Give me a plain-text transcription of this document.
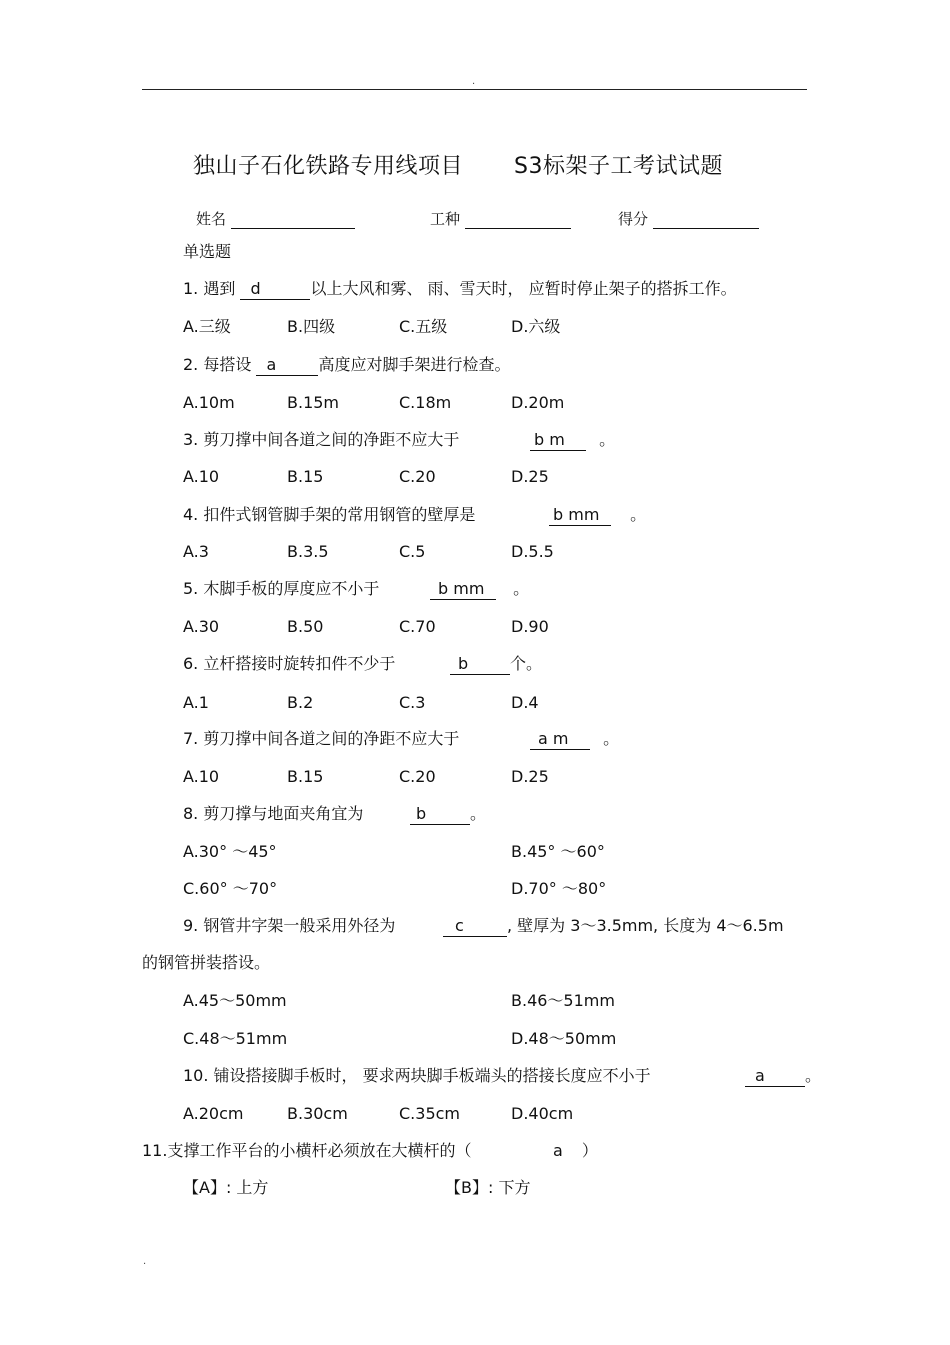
.
独山子石化铁路专用线项目 S3标架子工考试试题
姓名	工种	得分
单选题
1. 遇到 d	以上大风和雾、 雨、雪天时， 应暂时停止架子的搭拆工作。
A.三级	B.四级	C.五级	D.六级
2. 每搭设 a	高度应对脚手架进行检查。
A.10m	B.15m	C.18m	D.20m
3. 剪刀撑中间各道之间的净距不应大于	b m 。
A.10	B.15	C.20	D.25
4. 扣件式钢管脚手架的常用钢管的壁厚是	b mm 。
A.3	B.3.5	C.5	D.5.5
5. 木脚手板的厚度应不小于	b mm 。
A.30	B.50	C.70	D.90
6. 立杆搭接时旋转扣件不少于	b	个。
A.1	B.2	C.3	D.4
7. 剪刀撑中间各道之间的净距不应大于	a m 。
A.10	B.15	C.20	D.25
8. 剪刀撑与地面夹角宜为	b	。
A.30° ～45°	B.45° ～60°
C.60° ～70°	D.70° ～80°
9. 钢管井字架一般采用外径为	c	, 壁厚为 3～3.5mm, 长度为 4～6.5m
的钢管拼装搭设。
A.45～50mm	B.46～51mm
C.48～51mm	D.48～50mm
10. 铺设搭接脚手板时， 要求两块脚手板端头的搭接长度应不小于	a	。
A.20cm	B.30cm	C.35cm	D.40cm
11.支撑工作平台的小横杆必须放在大横杆的（	a ）
【A】: 上方	【B】: 下方
.
